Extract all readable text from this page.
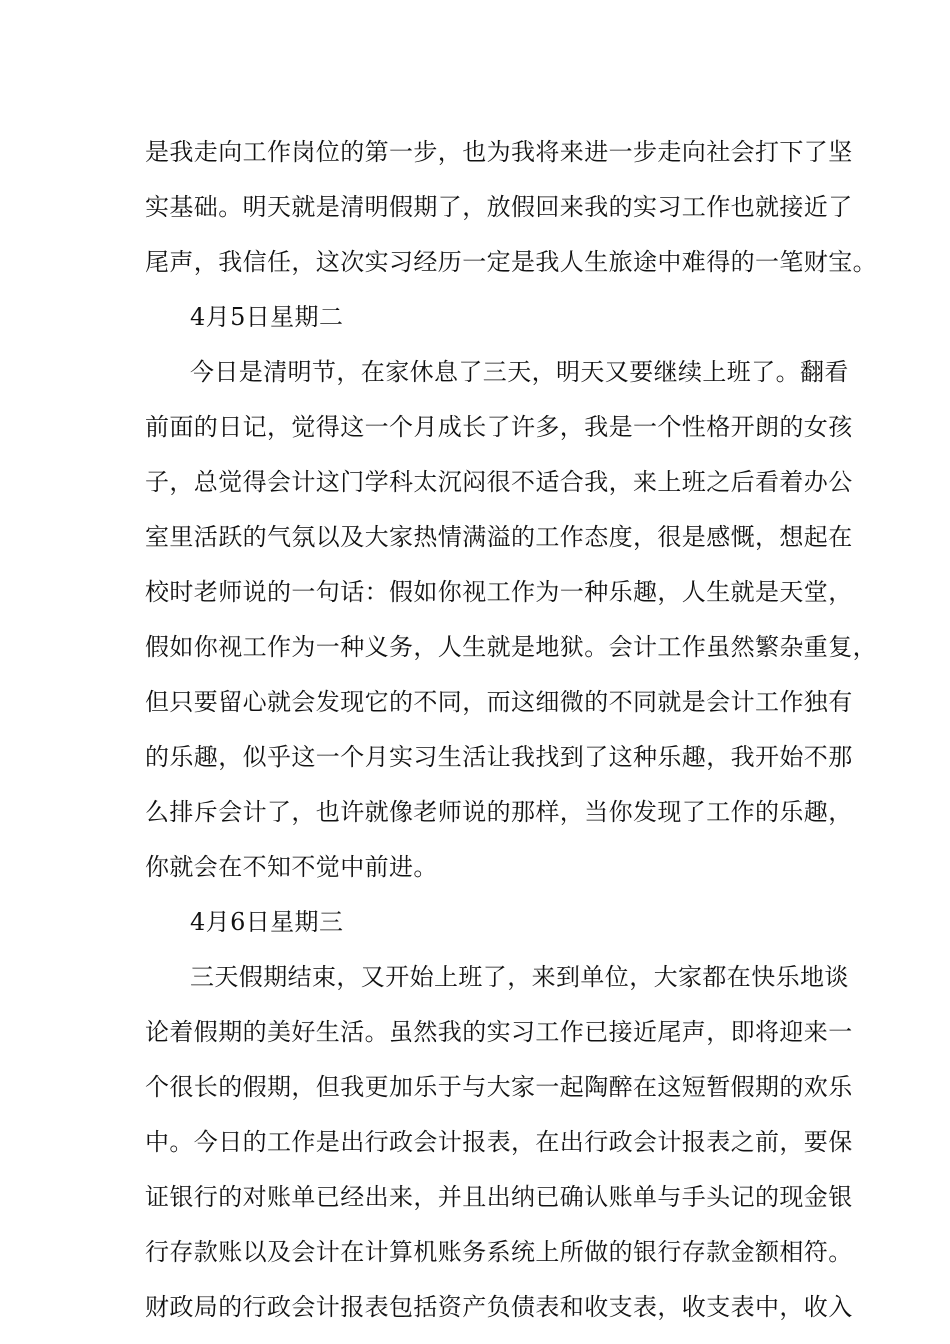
是我走向工作岗位的第一步，也为我将来进一步走向社会打下了坚
实基础。明天就是清明假期了，放假回来我的实习工作也就接近了
尾声，我信任，这次实习经历一定是我人生旅途中难得的一笔财宝。
4月5日星期二
今日是清明节，在家休息了三天，明天又要继续上班了。翻看
前面的日记，觉得这一个月成长了许多，我是一个性格开朗的女孩
子，总觉得会计这门学科太沉闷很不适合我，来上班之后看着办公
室里活跃的气氛以及大家热情满溢的工作态度，很是感慨，想起在
校时老师说的一句话：假如你视工作为一种乐趣，人生就是天堂，
假如你视工作为一种义务，人生就是地狱。会计工作虽然繁杂重复，
但只要留心就会发现它的不同，而这细微的不同就是会计工作独有
的乐趣，似乎这一个月实习生活让我找到了这种乐趣，我开始不那
么排斥会计了，也许就像老师说的那样，当你发现了工作的乐趣，
你就会在不知不觉中前进。
4月6日星期三
三天假期结束，又开始上班了，来到单位，大家都在快乐地谈
论着假期的美好生活。虽然我的实习工作已接近尾声，即将迎来一
个很长的假期，但我更加乐于与大家一起陶醉在这短暂假期的欢乐
中。今日的工作是出行政会计报表，在出行政会计报表之前，要保
证银行的对账单已经出来，并且出纳已确认账单与手头记的现金银
行存款账以及会计在计算机账务系统上所做的银行存款金额相符。
财政局的行政会计报表包括资产负债表和收支表，收支表中，收入
